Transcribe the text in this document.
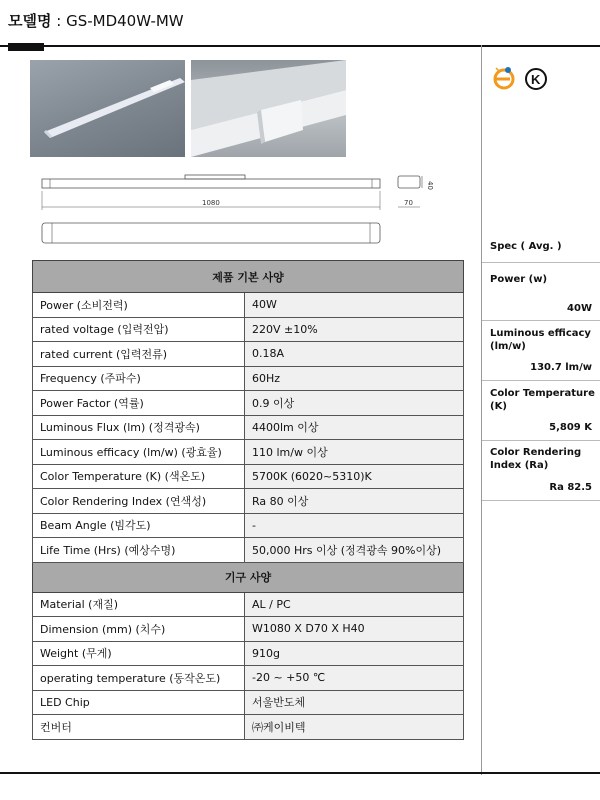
모델명 : GS-MD40W-MW
1080	70
40
제품 기본 사양	
Power (소비전력)	40W
rated voltage (입력전압)	220V ±10%
rated current (입력전류)	0.18A
Frequency (주파수)	60Hz
Power Factor (역률)	0.9 이상
Luminous Flux (lm) (정격광속)	4400lm 이상
Luminous efficacy (lm/w) (광효율)	110 lm/w 이상
Color Temperature (K) (색온도)	5700K (6020~5310)K
Color Rendering Index (연색성)	Ra 80 이상
Beam Angle (빔각도)	-
Life Time (Hrs) (예상수명)	50,000 Hrs 이상 (정격광속 90%이상)
기구 사양	
Material (재질)	AL / PC
Dimension (mm) (치수)	W1080 X D70 X H40
Weight (무게)	910g
operating temperature (동작온도)	-20 ~ +50 ℃
LED Chip	서울반도체
컨버터	㈜케이비텍
K
Spec ( Avg. )
Power (w)
40W
Luminous efficacy (lm/w)
130.7 lm/w
Color Temperature (K)
5,809 K
Color Rendering Index (Ra)
Ra 82.5
